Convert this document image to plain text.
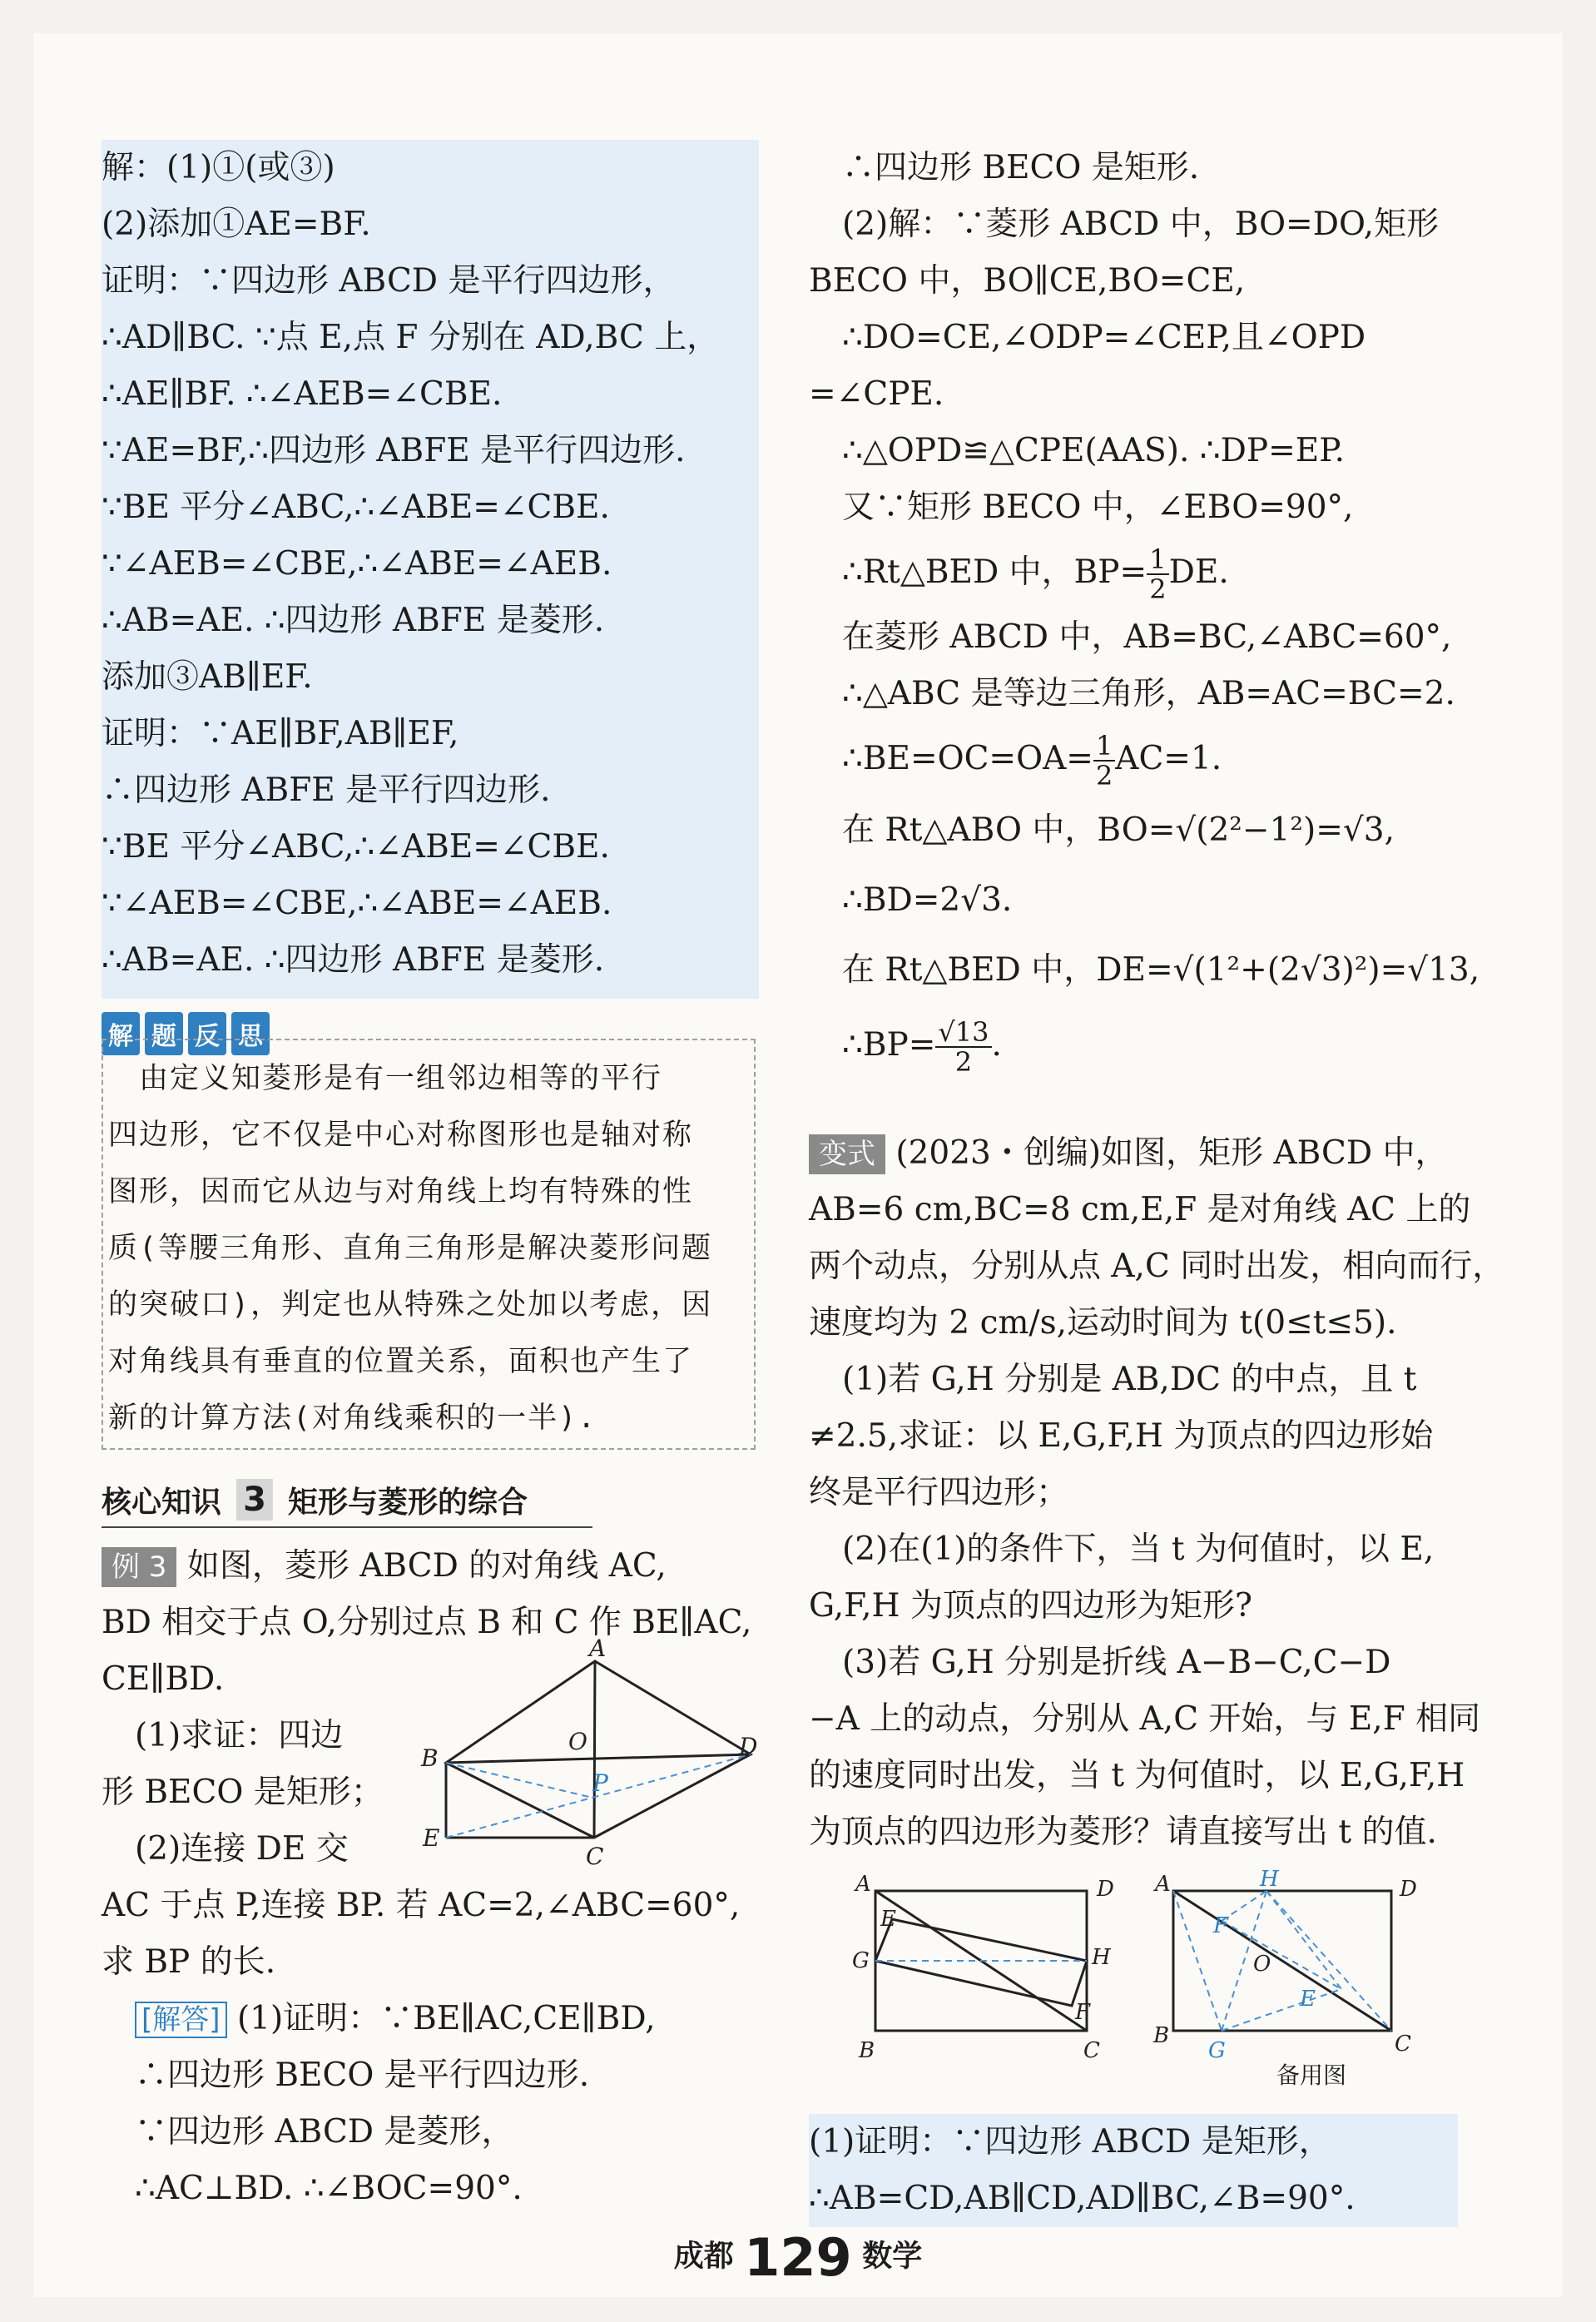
解：(1)①(或③)
(2)添加①AE=BF.
证明：∵四边形 ABCD 是平行四边形，
∴AD∥BC. ∵点 E,点 F 分别在 AD,BC 上，
∴AE∥BF. ∴∠AEB=∠CBE.
∵AE=BF,∴四边形 ABFE 是平行四边形.
∵BE 平分∠ABC,∴∠ABE=∠CBE.
∵∠AEB=∠CBE,∴∠ABE=∠AEB.
∴AB=AE. ∴四边形 ABFE 是菱形.
添加③AB∥EF.
证明：∵AE∥BF,AB∥EF,
∴四边形 ABFE 是平行四边形.
∵BE 平分∠ABC,∴∠ABE=∠CBE.
∵∠AEB=∠CBE,∴∠ABE=∠AEB.
∴AB=AE. ∴四边形 ABFE 是菱形.
解 题 反 思
　由定义知菱形是有一组邻边相等的平行
四边形，它不仅是中心对称图形也是轴对称
图形，因而它从边与对角线上均有特殊的性
质(等腰三角形、直角三角形是解决菱形问题
的突破口)，判定也从特殊之处加以考虑，因
对角线具有垂直的位置关系，面积也产生了
新的计算方法(对角线乘积的一半).
核心知识 3 矩形与菱形的综合
例 3 如图，菱形 ABCD 的对角线 AC,
BD 相交于点 O,分别过点 B 和 C 作 BE∥AC,
CE∥BD.
(1)求证：四边
形 BECO 是矩形；
(2)连接 DE 交
AC 于点 P,连接 BP. 若 AC=2,∠ABC=60°,
求 BP 的长.
[解答] (1)证明：∵BE∥AC,CE∥BD,
∴四边形 BECO 是平行四边形.
∵四边形 ABCD 是菱形，
∴AC⊥BD. ∴∠BOC=90°.
A
B
C
D
E
O
P
∴四边形 BECO 是矩形.
(2)解：∵菱形 ABCD 中，BO=DO,矩形
BECO 中，BO∥CE,BO=CE,
∴DO=CE,∠ODP=∠CEP,且∠OPD
=∠CPE.
∴△OPD≌△CPE(AAS). ∴DP=EP.
又∵矩形 BECO 中，∠EBO=90°,
∴Rt△BED 中，$BP= \frac{1}{2}$ DE.
在菱形 ABCD 中，AB=BC,∠ABC=60°,
∴△ABC 是等边三角形，AB=AC=BC=2.
∴BE=OC=OA= $\frac{1}{2} AC=1$.
在 Rt△ABO 中，BO=√(2²−1²)=√3,
∴BD=2√3.
在 Rt△BED 中，DE=√(1²+(2√3)²)=√13,
∴BP= $\frac{√13}{2}$ .
变式 (2023・创编)如图，矩形 ABCD 中，
AB=6 cm,BC=8 cm,E,F 是对角线 AC 上的
两个动点，分别从点 A,C 同时出发，相向而行，
速度均为 2 cm/s,运动时间为 t(0≤t≤5).
(1)若 G,H 分别是 AB,DC 的中点，且 t
≠2.5,求证：以 E,G,F,H 为顶点的四边形始
终是平行四边形；
(2)在(1)的条件下，当 t 为何值时，以 E,
G,F,H 为顶点的四边形为矩形?
(3)若 G,H 分别是折线 A−B−C,C−D
−A 上的动点，分别从 A,C 开始，与 E,F 相同
的速度同时出发，当 t 为何值时，以 E,G,F,H
为顶点的四边形为菱形？请直接写出 t 的值.
A	D
E
G	H
F
B	C
A	H	D
F
O
E
B
G	C
备用图
(1)证明：∵四边形 ABCD 是矩形，
∴AB=CD,AB∥CD,AD∥BC,∠B=90°.
成都 129 数学
